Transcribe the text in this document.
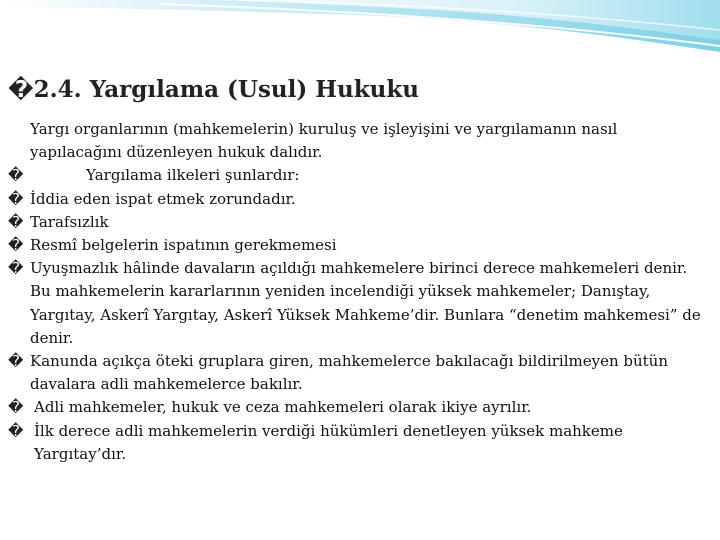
�2.4. Yargılama (Usul) Hukuku
Yargı organlarının (mahkemelerin) kuruluş ve işleyişini ve yargılamanın nasıl yapılacağını düzenleyen hukuk dalıdır.
�	Yargılama ilkeleri şunlardır:
� İddia eden ispat etmek zorundadır.
� Tarafsızlık
� Resmî belgelerin ispatının gerekmemesi
� Uyuşmazlık hâlinde davaların açıldığı mahkemelere birinci derece mahkemeleri denir. Bu mahkemelerin kararlarının yeniden incelendiği yüksek mahkemeler; Danıştay, Yargıtay, Askerî Yargıtay, Askerî Yüksek Mahkeme’dir. Bunlara “denetim mahkemesi” de denir.
� Kanunda açıkça öteki gruplara giren, mahkemelerce bakılacağı bildirilmeyen bütün davalara adli mahkemelerce bakılır.
� Adli mahkemeler, hukuk ve ceza mahkemeleri olarak ikiye ayrılır.
� İlk derece adli mahkemelerin verdiği hükümleri denetleyen yüksek mahkeme Yargıtay’dır.
